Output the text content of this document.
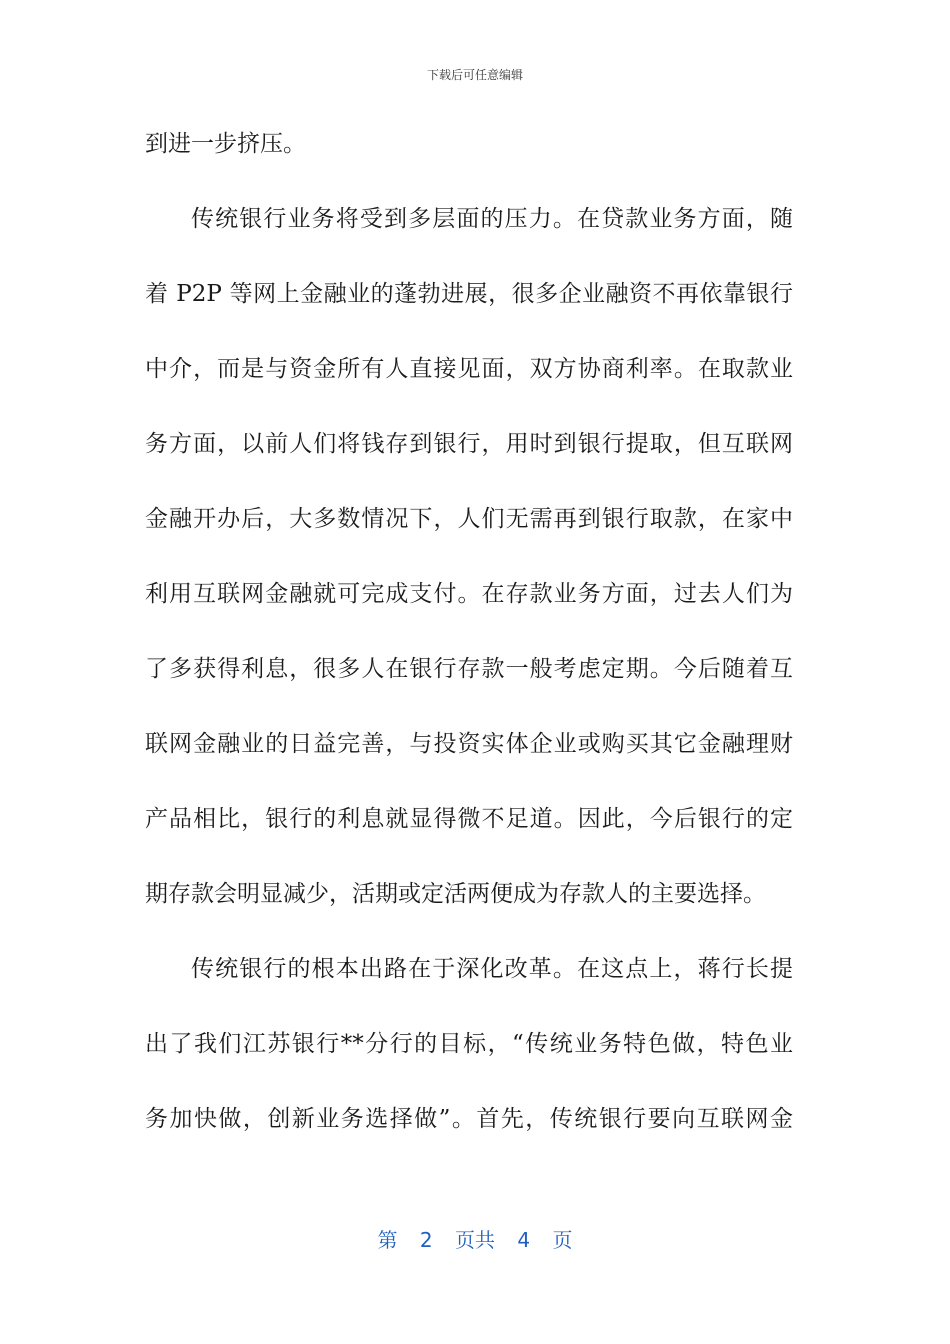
下载后可任意编辑
到进一步挤压。
传统银行业务将受到多层面的压力。在贷款业务方面，随
着 P2P 等网上金融业的蓬勃进展，很多企业融资不再依靠银行
中介，而是与资金所有人直接见面，双方协商利率。在取款业
务方面，以前人们将钱存到银行，用时到银行提取，但互联网
金融开办后，大多数情况下，人们无需再到银行取款，在家中
利用互联网金融就可完成支付。在存款业务方面，过去人们为
了多获得利息，很多人在银行存款一般考虑定期。今后随着互
联网金融业的日益完善，与投资实体企业或购买其它金融理财
产品相比，银行的利息就显得微不足道。因此，今后银行的定
期存款会明显减少，活期或定活两便成为存款人的主要选择。
传统银行的根本出路在于深化改革。在这点上，蒋行长提
出了我们江苏银行**分行的目标，“传统业务特色做，特色业
务加快做，创新业务选择做”。首先，传统银行要向互联网金
第 2 页共 4 页
